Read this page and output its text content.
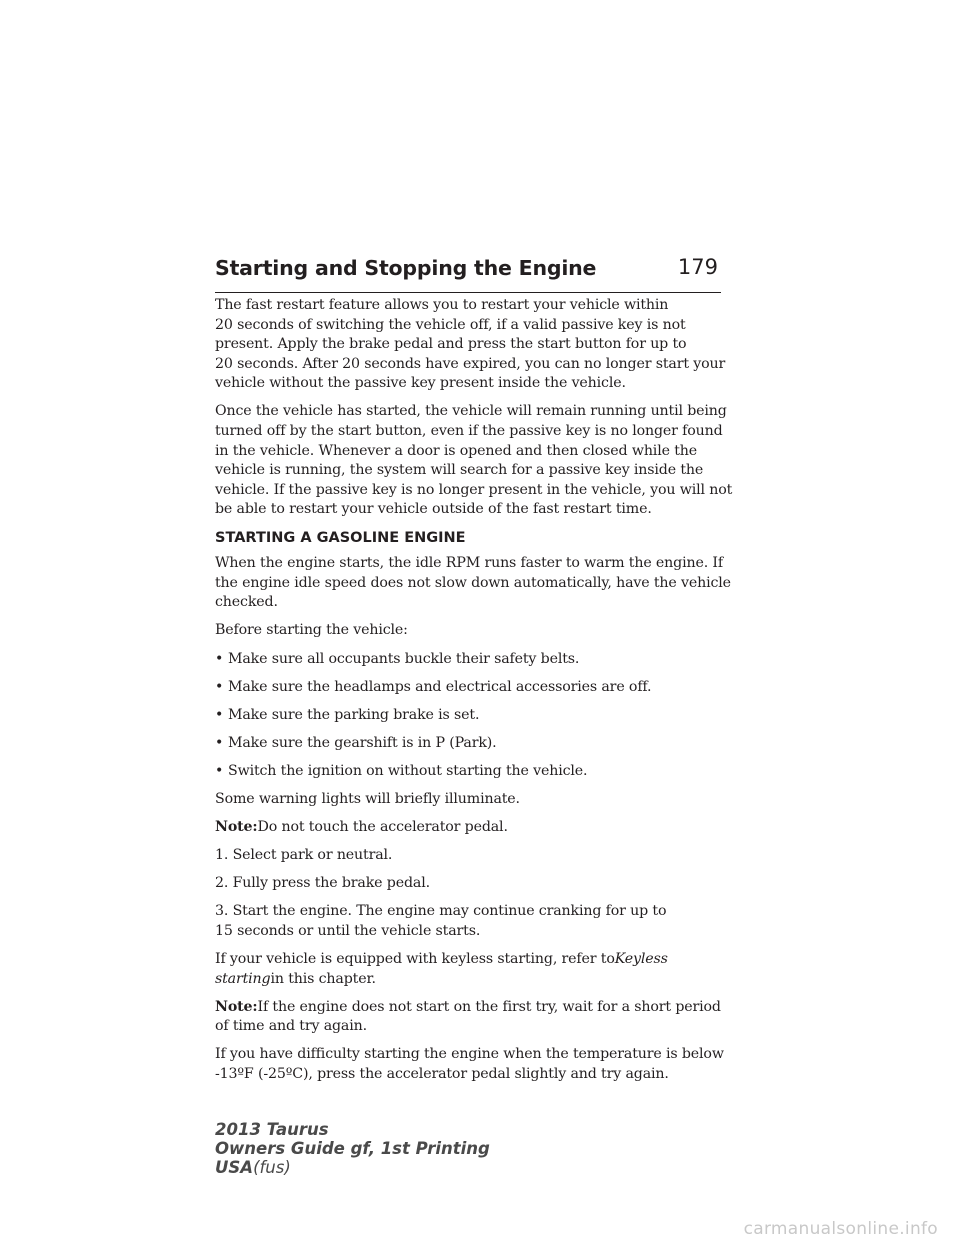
Starting and Stopping the Engine	179

The fast restart feature allows you to restart your vehicle within
20 seconds of switching the vehicle off, if a valid passive key is not
present. Apply the brake pedal and press the start button for up to
20 seconds. After 20 seconds have expired, you can no longer start your
vehicle without the passive key present inside the vehicle.

Once the vehicle has started, the vehicle will remain running until being
turned off by the start button, even if the passive key is no longer found
in the vehicle. Whenever a door is opened and then closed while the
vehicle is running, the system will search for a passive key inside the
vehicle. If the passive key is no longer present in the vehicle, you will not
be able to restart your vehicle outside of the fast restart time.

STARTING A GASOLINE ENGINE

When the engine starts, the idle RPM runs faster to warm the engine. If
the engine idle speed does not slow down automatically, have the vehicle
checked.

Before starting the vehicle:

• Make sure all occupants buckle their safety belts.
• Make sure the headlamps and electrical accessories are off.
• Make sure the parking brake is set.
• Make sure the gearshift is in P (Park).
• Switch the ignition on without starting the vehicle.

Some warning lights will briefly illuminate.

Note:Do not touch the accelerator pedal.

1. Select park or neutral.

2. Fully press the brake pedal.

3. Start the engine. The engine may continue cranking for up to
15 seconds or until the vehicle starts.

If your vehicle is equipped with keyless starting, refer toKeyless
startingin this chapter.

Note:If the engine does not start on the first try, wait for a short period
of time and try again.

If you have difficulty starting the engine when the temperature is below
-13ºF (-25ºC), press the accelerator pedal slightly and try again.

2013 Taurus
Owners Guide gf, 1st Printing
USA(fus)
carmanualsonline.info
